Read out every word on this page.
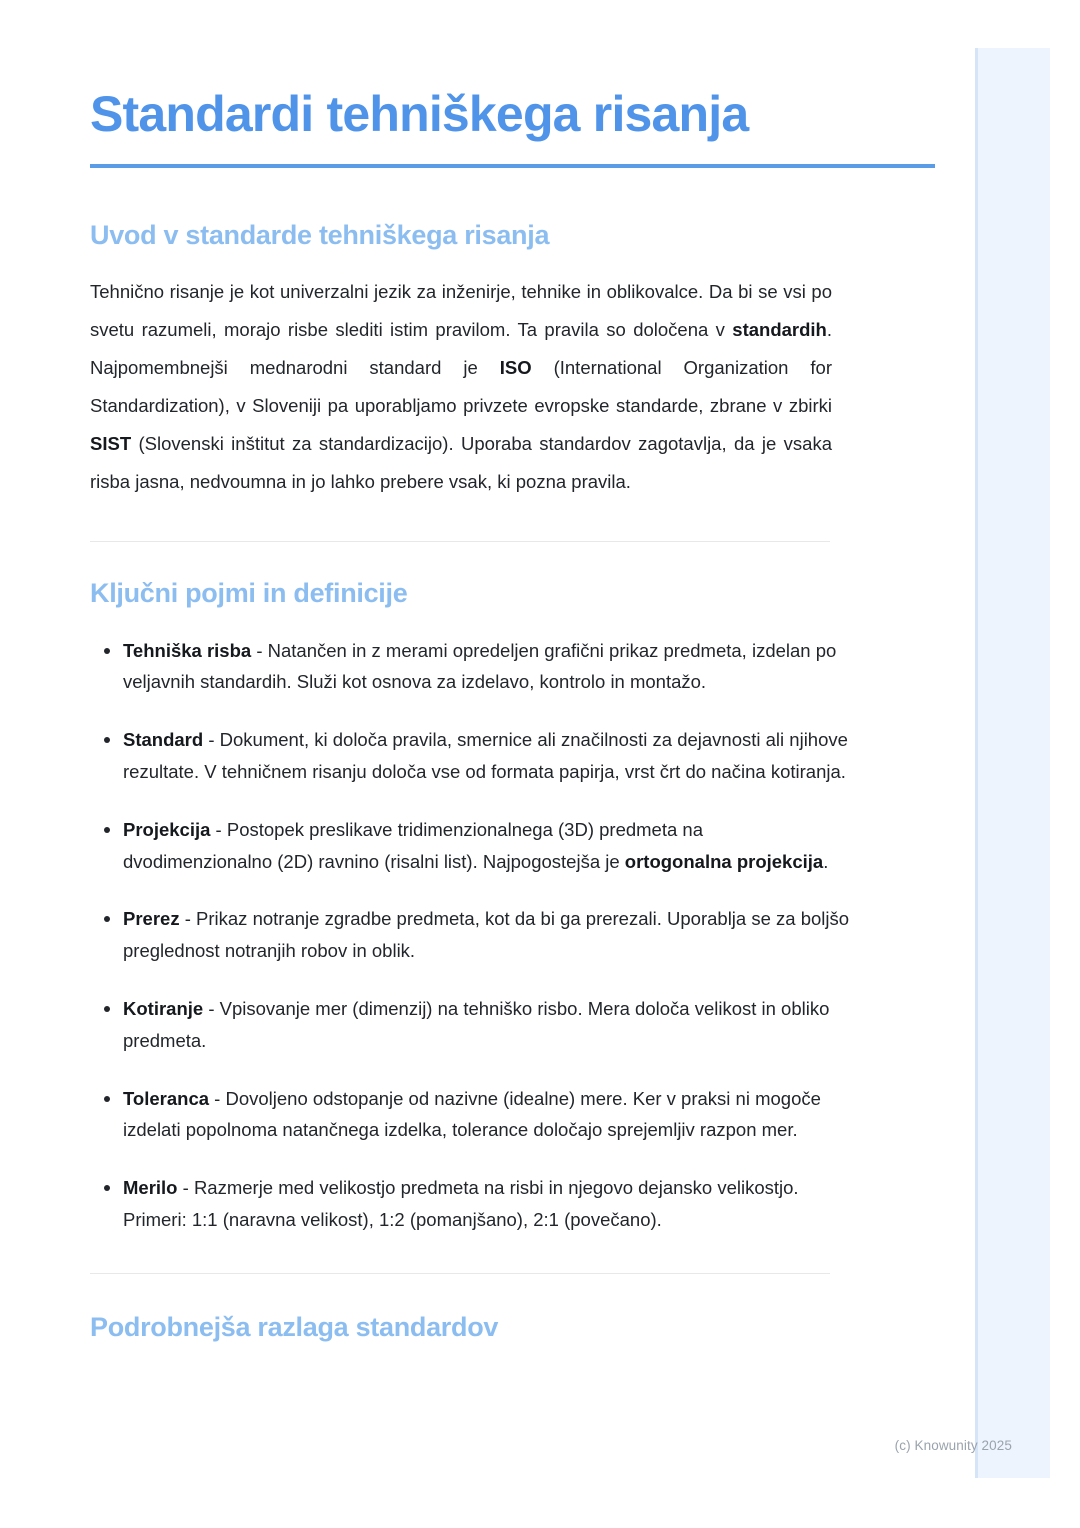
Standardi tehniškega risanja
Uvod v standarde tehniškega risanja

Tehnično risanje je kot univerzalni jezik za inženirje, tehnike in oblikovalce. Da bi se vsi po svetu razumeli, morajo risbe slediti istim pravilom. Ta pravila so določena v standardih. Najpomembnejši mednarodni standard je ISO (International Organization for Standardization), v Sloveniji pa uporabljamo privzete evropske standarde, zbrane v zbirki SIST (Slovenski inštitut za standardizacijo). Uporaba standardov zagotavlja, da je vsaka risba jasna, nedvoumna in jo lahko prebere vsak, ki pozna pravila.

Ključni pojmi in definicije
Tehniška risba - Natančen in z merami opredeljen grafični prikaz predmeta, izdelan po veljavnih standardih. Služi kot osnova za izdelavo, kontrolo in montažo.
Standard - Dokument, ki določa pravila, smernice ali značilnosti za dejavnosti ali njihove rezultate. V tehničnem risanju določa vse od formata papirja, vrst črt do načina kotiranja.
Projekcija - Postopek preslikave tridimenzionalnega (3D) predmeta na dvodimenzionalno (2D) ravnino (risalni list). Najpogostejša je ortogonalna projekcija.
Prerez - Prikaz notranje zgradbe predmeta, kot da bi ga prerezali. Uporablja se za boljšo preglednost notranjih robov in oblik.
Kotiranje - Vpisovanje mer (dimenzij) na tehniško risbo. Mera določa velikost in obliko predmeta.
Toleranca - Dovoljeno odstopanje od nazivne (idealne) mere. Ker v praksi ni mogoče izdelati popolnoma natančnega izdelka, tolerance določajo sprejemljiv razpon mer.
Merilo - Razmerje med velikostjo predmeta na risbi in njegovo dejansko velikostjo. Primeri: 1:1 (naravna velikost), 1:2 (pomanjšano), 2:1 (povečano).
Podrobnejša razlaga standardov
(c) Knowunity 2025
